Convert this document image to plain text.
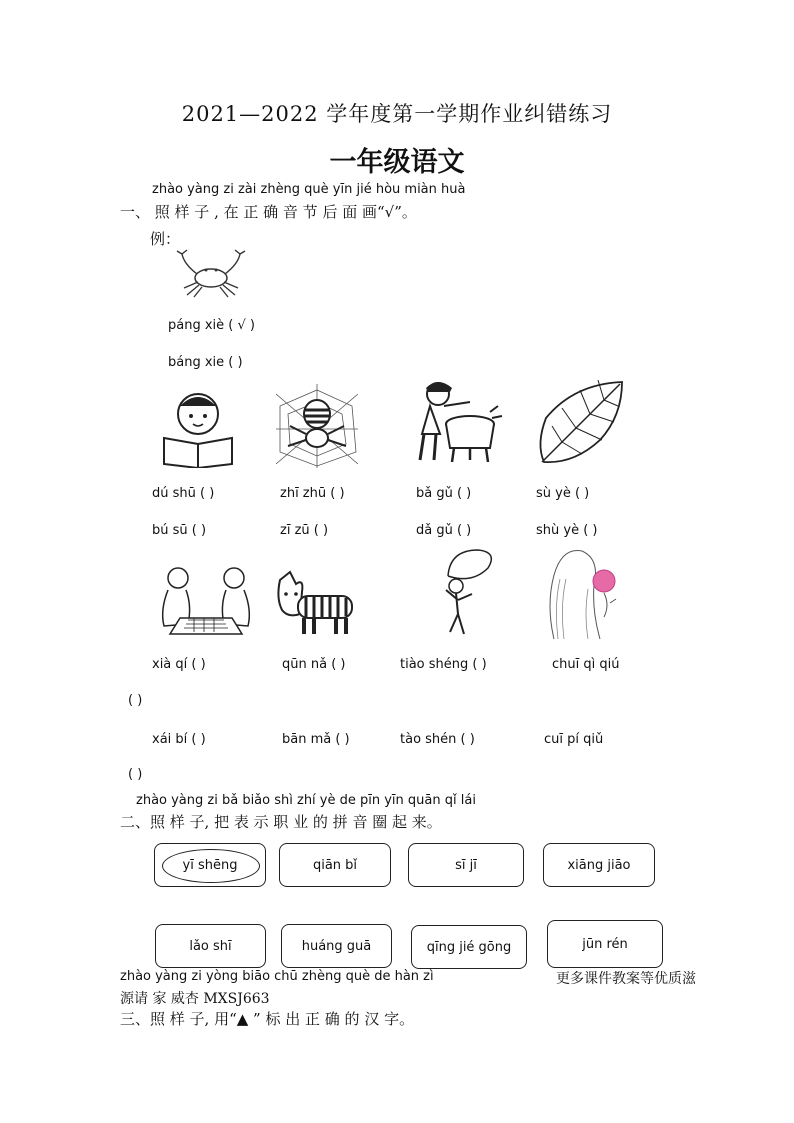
2021—2022 学年度第一学期作业纠错练习
一年级语文
zhào yàng zi zài zhèng què yīn jié hòu miàn huà
一、 照 样 子 , 在 正 确 音 节 后 面 画“√”。
例：
páng xiè ( √ )
báng xie ( )
dú shū ( )	zhī zhū ( )	bǎ gǔ ( )	sù yè ( )
bú sū ( )	zī zū ( )	dǎ gǔ ( )	shù yè ( )
xià qí ( )	qūn nǎ ( )	tiào shéng ( )	chuī qì qiú
( )
xái bí ( )	bān mǎ ( )	tào shén ( )	cuī pí qiǔ
( )
zhào yàng zi bǎ biǎo shì zhí yè de pīn yīn quān qǐ lái
二、照 样 子, 把 表 示 职 业 的 拼 音 圈 起 来。
yī shēng	qiān bǐ	sī jī	xiāng jiāo
lǎo shī	huáng guā	qīng jié gōng	jūn rén
zhào yàng zi yòng biāo chū zhèng què de hàn zì	更多课件教案等优质滋
源请 家 威杏 MXSJ663
三、照 样 子, 用“▲ ” 标 出 正 确 的 汉 字。
